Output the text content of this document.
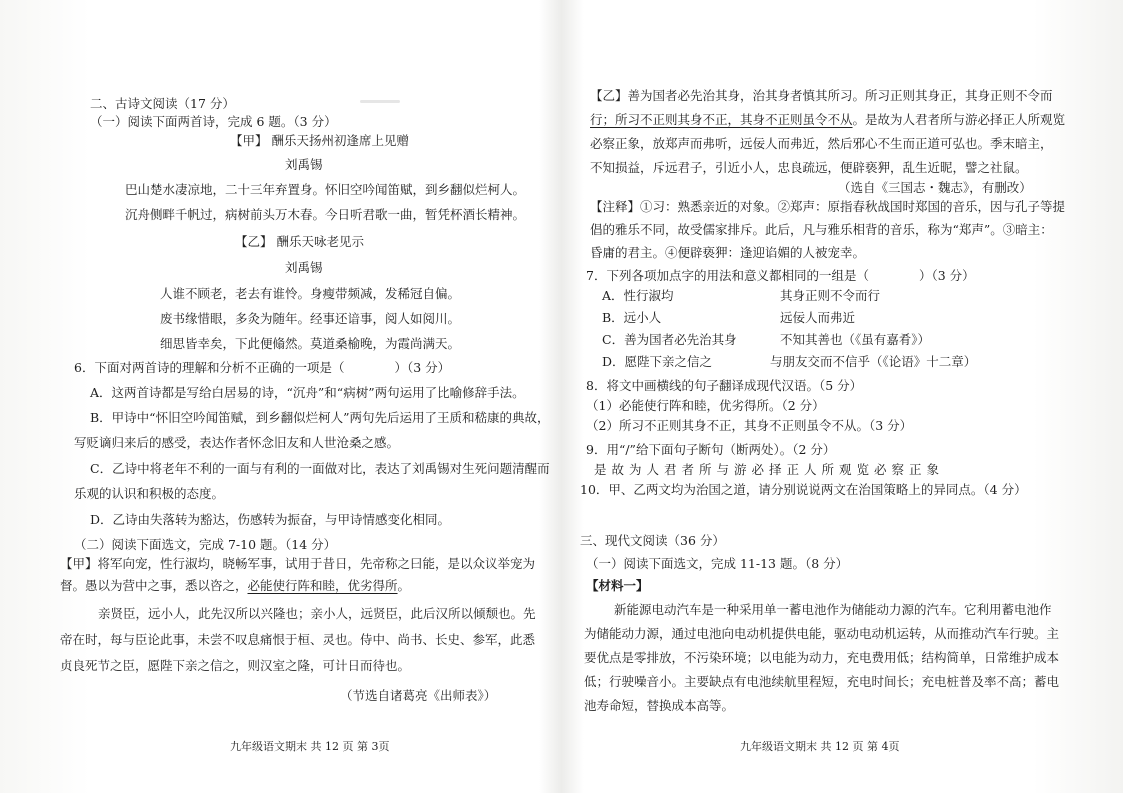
二、古诗文阅读（17 分）
（一）阅读下面两首诗，完成 6 题。（3 分）
【甲】 酬乐天扬州初逢席上见赠
刘禹锡
巴山楚水凄凉地，二十三年弃置身。怀旧空吟闻笛赋，到乡翻似烂柯人。
沉舟侧畔千帆过，病树前头万木春。今日听君歌一曲，暂凭杯酒长精神。
【乙】 酬乐天咏老见示
刘禹锡
人谁不顾老，老去有谁怜。身瘦带频减，发稀冠自偏。
废书缘惜眼，多灸为随年。经事还谙事，阅人如阅川。
细思皆幸矣，下此便翛然。莫道桑榆晚，为霞尚满天。
6．下面对两首诗的理解和分析不正确的一项是（	）（3 分）
A．这两首诗都是写给白居易的诗，“沉舟”和“病树”两句运用了比喻修辞手法。
B．甲诗中“怀旧空吟闻笛赋，到乡翻似烂柯人”两句先后运用了王质和嵇康的典故，
写贬谪归来后的感受，表达作者怀念旧友和人世沧桑之感。
C．乙诗中将老年不利的一面与有利的一面做对比，表达了刘禹锡对生死问题清醒而
乐观的认识和积极的态度。
D．乙诗由失落转为豁达，伤感转为振奋，与甲诗情感变化相同。
（二）阅读下面选文，完成 7-10 题。（14 分）
【甲】将军向宠，性行淑均，晓畅军事，试用于昔日，先帝称之曰能，是以众议举宠为
督。愚以为营中之事，悉以咨之，必能使行阵和睦，优劣得所。
亲贤臣，远小人，此先汉所以兴隆也；亲小人，远贤臣，此后汉所以倾颓也。先
帝在时，每与臣论此事，未尝不叹息痛恨于桓、灵也。侍中、尚书、长史、参军，此悉
贞良死节之臣，愿陛下亲之信之，则汉室之隆，可计日而待也。
（节选自诸葛亮《出师表》）
九年级语文期末 共 12 页 第 3页
【乙】善为国者必先治其身，治其身者慎其所习。所习正则其身正，其身正则不令而
行；所习不正则其身不正，其身不正则虽令不从。是故为人君者所与游必择正人所观览
必察正象，放郑声而弗听，远佞人而弗近，然后邪心不生而正道可弘也。季末暗主，
不知损益，斥远君子，引近小人，忠良疏远，便辟亵狎，乱生近昵，譬之社鼠。
（选自《三国志・魏志》，有删改）
【注释】①习：熟悉亲近的对象。②郑声：原指春秋战国时郑国的音乐，因与孔子等提
倡的雅乐不同，故受儒家排斥。此后，凡与雅乐相背的音乐，称为“郑声”。③暗主：
昏庸的君主。④便辟亵狎：逢迎谄媚的人被宠幸。
7．下列各项加点字的用法和意义都相同的一组是（	）（3 分）
A．性行淑均	其身正则不令而行
B．远小人	远佞人而弗近
C．善为国者必先治其身	不知其善也（《虽有嘉肴》）
D．愿陛下亲之信之	与朋友交而不信乎（《论语》十二章）
8．将文中画横线的句子翻译成现代汉语。（5 分）
（1）必能使行阵和睦，优劣得所。（2 分）
（2）所习不正则其身不正，其身不正则虽令不从。（3 分）
9．用“/”给下面句子断句（断两处）。（2 分）
是故为人君者所与游必择正人所观览必察正象
10．甲、乙两文均为治国之道，请分别说说两文在治国策略上的异同点。（4 分）
三、现代文阅读（36 分）
（一）阅读下面选文，完成 11-13 题。（8 分）
【材料一】
新能源电动汽车是一种采用单一蓄电池作为储能动力源的汽车。它利用蓄电池作
为储能动力源，通过电池向电动机提供电能，驱动电动机运转，从而推动汽车行驶。主
要优点是零排放，不污染环境；以电能为动力，充电费用低；结构简单，日常维护成本
低；行驶噪音小。主要缺点有电池续航里程短，充电时间长；充电桩普及率不高；蓄电
池寿命短，替换成本高等。
九年级语文期末 共 12 页 第 4页
